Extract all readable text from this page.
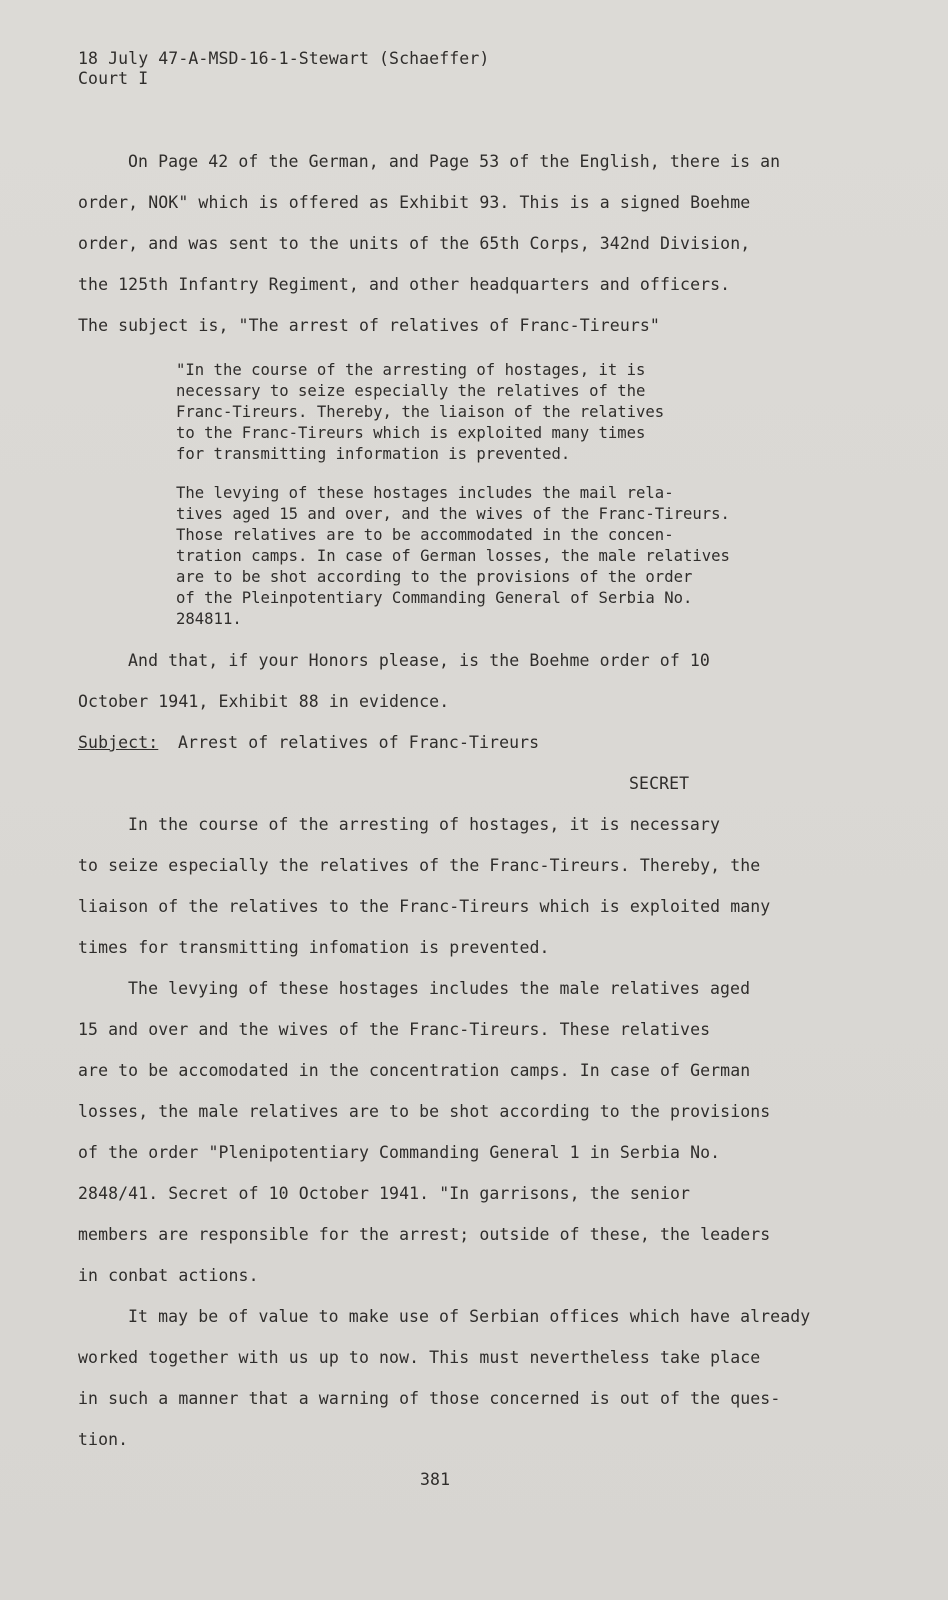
18 July 47-A-MSD-16-1-Stewart (Schaeffer)
Court I
On Page 42 of the German, and Page 53 of the English, there is an
order, NOK" which is offered as Exhibit 93. This is a signed Boehme
order, and was sent to the units of the 65th Corps, 342nd Division,
the 125th Infantry Regiment, and other headquarters and officers.
The subject is, "The arrest of relatives of Franc-Tireurs"
"In the course of the arresting of hostages, it is
necessary to seize especially the relatives of the
Franc-Tireurs. Thereby, the liaison of the relatives
to the Franc-Tireurs which is exploited many times
for transmitting information is prevented.
The levying of these hostages includes the mail rela-
tives aged 15 and over, and the wives of the Franc-Tireurs.
Those relatives are to be accommodated in the concen-
tration camps. In case of German losses, the male relatives
are to be shot according to the provisions of the order
of the Pleinpotentiary Commanding General of Serbia No.
284811.
And that, if your Honors please, is the Boehme order of 10
October 1941, Exhibit 88 in evidence.
Subject: Arrest of relatives of Franc-Tireurs
SECRET
In the course of the arresting of hostages, it is necessary
to seize especially the relatives of the Franc-Tireurs. Thereby, the
liaison of the relatives to the Franc-Tireurs which is exploited many
times for transmitting infomation is prevented.
The levying of these hostages includes the male relatives aged
15 and over and the wives of the Franc-Tireurs. These relatives
are to be accomodated in the concentration camps. In case of German
losses, the male relatives are to be shot according to the provisions
of the order "Plenipotentiary Commanding General 1 in Serbia No.
2848/41. Secret of 10 October 1941. "In garrisons, the senior
members are responsible for the arrest; outside of these, the leaders
in conbat actions.
It may be of value to make use of Serbian offices which have already
worked together with us up to now. This must nevertheless take place
in such a manner that a warning of those concerned is out of the ques-
tion.
381
